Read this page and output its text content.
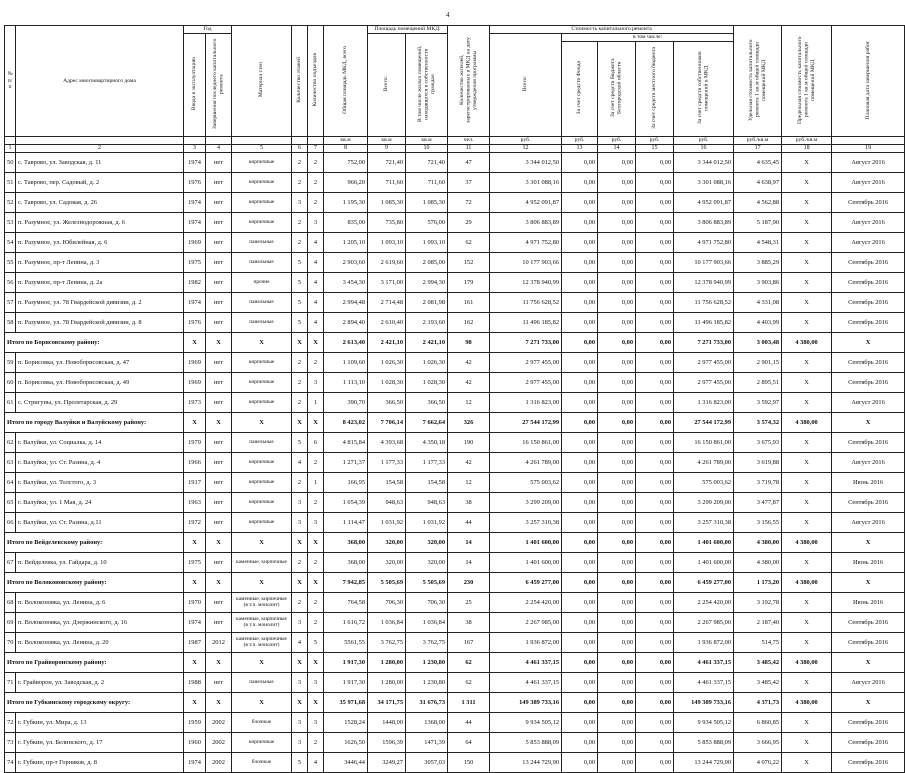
4
№ п/п	Адрес многоквартирного дома	Год		Материал стен	Количество этажей	Количество подъездов	Общая площадь МКД, всего	Площадь помещений МКД:		Количество жителей, зарегистрированных в МКД на дату утверждения программы	Стоимость капитального ремонта					Удельная стоимость капитального ремонта 1 кв.м общей площади помещений МКД	Предельная стоимость капитального ремонта 1 кв.м общей площади помещений МКД	Плановая дата завершения работ
		Ввода в эксплуатацию	Завершения последнего капитального ремонта					Всего:	В том числе жилых помещений, находящихся в собственности граждан		Всего:	в том числе:						
												За счет средств Фонда	За счет средств бюджета Белгородской области	За счет средств местного бюджета	За счет средств собственников помещений в МКД			
							кв.м	кв.м	кв.м	чел.	руб.	руб.	руб.	руб.	руб.	руб./кв.м	руб./кв.м	
1	2	3	4	5	6	7	8	9	10	11	12	13	14	15	16	17	18	19
50	с. Таврово, ул. Заводская, д. 11	1974	нет	кирпичные	2	2	752,00	721,40	721,40	47	3 344 012,50	0,00	0,00	0,00	3 344 012,50	4 635,45	Х	Август 2016
51	с. Таврово, пер. Садовый, д. 2	1976	нет	кирпичные	2	2	966,20	711,60	711,60	37	3 301 088,16	0,00	0,00	0,00	3 301 088,16	4 638,97	Х	Август 2016
52	с. Таврово, ул. Садовая, д. 26	1974	нет	кирпичные	3	2	1 195,30	1 085,30	1 085,30	72	4 952 091,87	0,00	0,00	0,00	4 952 091,87	4 562,88	Х	Сентябрь 2016
53	п. Разумное, ул. Железнодорожная, д. 6	1974	нет	кирпичные	2	3	835,00	735,80	576,00	29	3 806 883,89	0,00	0,00	0,00	3 806 883,89	5 187,90	Х	Август 2016
54	п. Разумное, ул. Юбилейная, д. 6	1969	нет	панельные	2	4	1 205,10	1 093,10	1 093,10	62	4 971 752,80	0,00	0,00	0,00	4 971 752,80	4 548,31	Х	Август 2016
55	п. Разумное, пр-т Ленина, д. 3	1975	нет	панельные	5	4	2 903,60	2 619,60	2 085,00	152	10 177 903,66	0,00	0,00	0,00	10 177 903,66	3 885,29	Х	Сентябрь 2016
56	п. Разумное, пр-т Ленина, д. 2а	1982	нет	прочие	5	4	3 454,30	3 171,00	2 994,30	179	12 378 940,99	0,00	0,00	0,00	12 378 940,99	3 903,86	Х	Сентябрь 2016
57	п. Разумное, ул. 78 Гвардейской дивизии, д. 2	1974	нет	панельные	5	4	2 994,48	2 714,48	2 081,98	161	11 756 628,52	0,00	0,00	0,00	11 756 628,52	4 331,08	Х	Сентябрь 2016
58	п. Разумное, ул. 78 Гвардейской дивизии, д. 8	1976	нет	панельные	5	4	2 894,40	2 610,40	2 193,60	162	11 496 185,82	0,00	0,00	0,00	11 496 185,82	4 403,99	Х	Сентябрь 2016
Итого по Борисовскому району:		Х	Х	Х	Х	Х	2 613,40	2 421,10	2 421,10	98	7 271 733,00	0,00	0,00	0,00	7 271 733,00	3 003,48	4 380,00	Х
59	п. Борисовка, ул. Новоборисовская, д. 47	1969	нет	кирпичные	2	2	1 109,60	1 026,30	1 026,30	42	2 977 455,00	0,00	0,00	0,00	2 977 455,00	2 901,15	Х	Сентябрь 2016
60	п. Борисовка, ул. Новоборисовская, д. 49	1969	нет	кирпичные	2	3	1 113,10	1 028,30	1 028,30	42	2 977 455,00	0,00	0,00	0,00	2 977 455,00	2 895,51	Х	Сентябрь 2016
61	с. Стригуны, ул. Пролетарская, д. 29	1973	нет	кирпичные	2	1	390,70	366,50	366,50	12	1 316 823,00	0,00	0,00	0,00	1 316 823,00	3 592,97	Х	Август 2016
Итого по городу Валуйки и Валуйскому району:		Х	Х	Х	Х	Х	8 423,02	7 706,14	7 662,64	326	27 544 172,99	0,00	0,00	0,00	27 544 172,99	3 574,32	4 380,00	Х
62	г. Валуйки, ул. Социалка, д. 14	1979	нет	панельные	5	6	4 815,84	4 393,68	4 350,18	190	16 150 861,00	0,00	0,00	0,00	16 150 861,00	3 675,93	Х	Сентябрь 2016
63	г. Валуйки, ул. Ст. Разина, д. 4	1966	нет	кирпичные	4	2	1 271,37	1 177,33	1 177,33	42	4 261 789,00	0,00	0,00	0,00	4 261 789,00	3 619,88	Х	Август 2016
64	г. Валуйки, ул. Толстого, д. 3	1917	нет	кирпичные	2	1	166,95	154,58	154,58	12	575 003,62	0,00	0,00	0,00	575 003,62	3 719,78	Х	Июнь 2016
65	г. Валуйки, ул. 1 Мая, д. 24	1963	нет	кирпичные	3	2	1 054,39	948,63	948,63	38	3 299 209,00	0,00	0,00	0,00	3 299 209,00	3 477,87	Х	Сентябрь 2016
66	г. Валуйки, ул. Ст. Разина, д.11	1972	нет	кирпичные	3	3	1 114,47	1 031,92	1 031,92	44	3 257 310,38	0,00	0,00	0,00	3 257 310,38	3 156,55	Х	Август 2016
Итого по Вейделевскому району:		Х	Х	Х	Х	Х	368,00	320,00	320,00	14	1 401 600,00	0,00	0,00	0,00	1 401 600,00	4 380,00	4 380,00	Х
67	п. Вейделевка, ул. Гайдара, д. 10	1975	нет	каменные, кирпичные	2	2	368,00	320,00	320,00	14	1 401 600,00	0,00	0,00	0,00	1 401 600,00	4 380,00	Х	Июнь 2016
Итого по Волоконовскому району:		Х	Х	Х	Х	Х	7 942,85	5 505,69	5 505,69	230	6 459 277,00	0,00	0,00	0,00	6 459 277,00	1 173,20	4 380,00	Х
68	п. Волоконовка, ул. Ленина, д. 6	1970	нет	каменные, кирпичные (в т.ч. монолит)	2	2	764,58	706,30	706,30	25	2 254 420,00	0,00	0,00	0,00	2 254 420,00	3 192,78	Х	Июнь 2016
69	п. Волоконовка, ул. Дзержинского, д. 16	1974	нет	каменные, кирпичные (в т.ч. монолит)	3	2	1 616,72	1 036,84	1 036,84	38	2 267 985,00	0,00	0,00	0,00	2 267 985,00	2 187,40	Х	Сентябрь 2016
70	п. Волоконовка, ул. Ленина, д. 20	1987	2012	каменные, кирпичные (в т.ч. монолит)	4	5	5561,55	3 762,75	3 762,75	167	1 936 872,00	0,00	0,00	0,00	1 936 872,00	514,75	Х	Сентябрь 2016
Итого по Грайворонскому району:		Х	Х	Х	Х	Х	1 917,30	1 280,00	1 230,80	62	4 461 337,15	0,00	0,00	0,00	4 461 337,15	3 485,42	4 380,00	Х
71	г. Грайворон, ул. Заводская, д. 2	1988	нет	панельные	3	3	1 917,30	1 280,00	1 230,80	62	4 461 337,15	0,00	0,00	0,00	4 461 337,15	3 485,42	Х	Август 2016
Итого по Губкинскому городскому округу:		Х	Х	Х	Х	Х	35 971,68	34 171,75	31 676,73	1 311	149 389 733,16	0,00	0,00	0,00	149 389 733,16	4 371,73	4 380,00	Х
72	г. Губкин, ул. Мира, д. 13	1959	2002	блочные	3	3	1528,24	1448,00	1368,00	44	9 934 505,12	0,00	0,00	0,00	9 934 505,12	6 860,85	Х	Сентябрь 2016
73	г. Губкин, ул. Белинского, д. 17	1960	2002	кирпичные	3	2	1626,50	1596,39	1471,39	64	5 853 888,09	0,00	0,00	0,00	5 853 888,09	3 666,95	Х	Сентябрь 2016
74	г. Губкин, пр-т Горняков, д. 8	1974	2002	блочные	5	4	3446,44	3249,27	3057,03	150	13 244 729,90	0,00	0,00	0,00	13 244 729,90	4 076,22	Х	Сентябрь 2016
